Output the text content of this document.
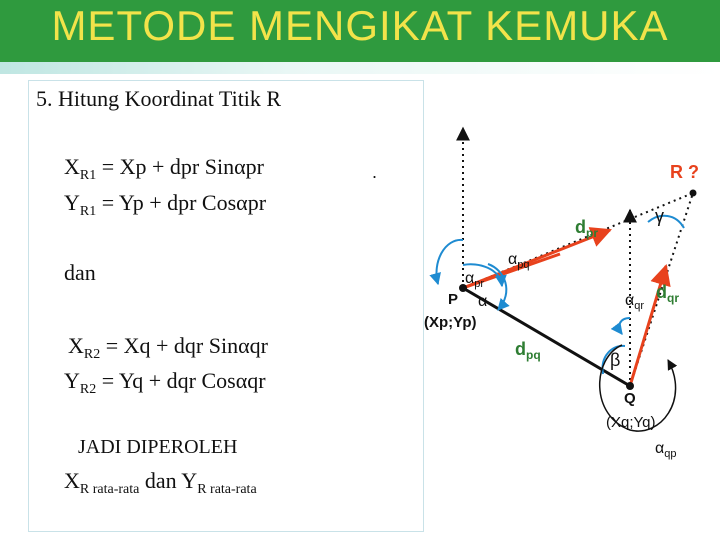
METODE MENGIKAT KEMUKA
5. Hitung Koordinat Titik R
$X_{R1} = Xp$ + dpr Sinαpr
$Y_{R1} = Yp$ + dpr Cosαpr
dan
$X_{R2} = Xq$ + dqr Sinαqr
$Y_{R2} = Yq$ + dqr Cosαqr
JADI DIPEROLEH
$X_{R rata-rata}$ dan $Y_{R rata-rata}$
.	R ?
$d_{pr}$
γ
$\alpha_{pq}$
$\alpha_{pr}$
α
P
(Xp;Yp)
$\alpha_{qr}$
$d_{qr}$
$d_{pq}$	β
Q
(Xq;Yq)
$\alpha_{qp}$
